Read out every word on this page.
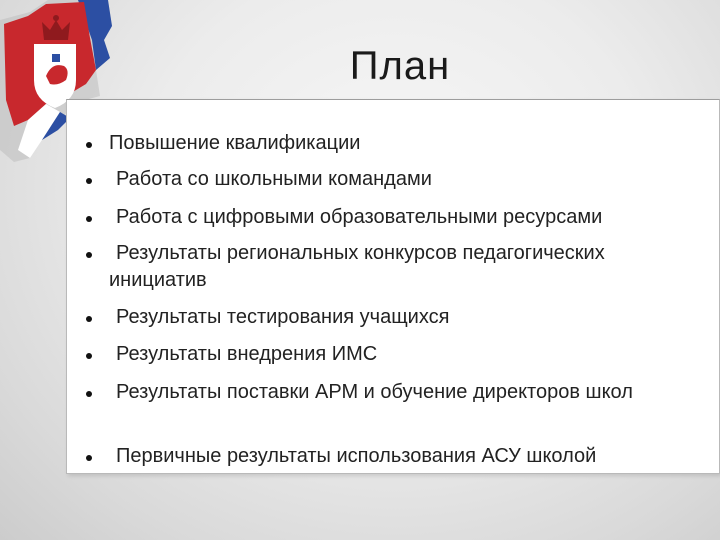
План
Повышение квалификации
Работа со школьными командами
Работа с цифровыми образовательными ресурсами
Результаты региональных конкурсов педагогических инициатив
Результаты тестирования учащихся
Результаты внедрения ИМС
Результаты поставки АРМ и обучение директоров школ
Первичные результаты использования АСУ школой
